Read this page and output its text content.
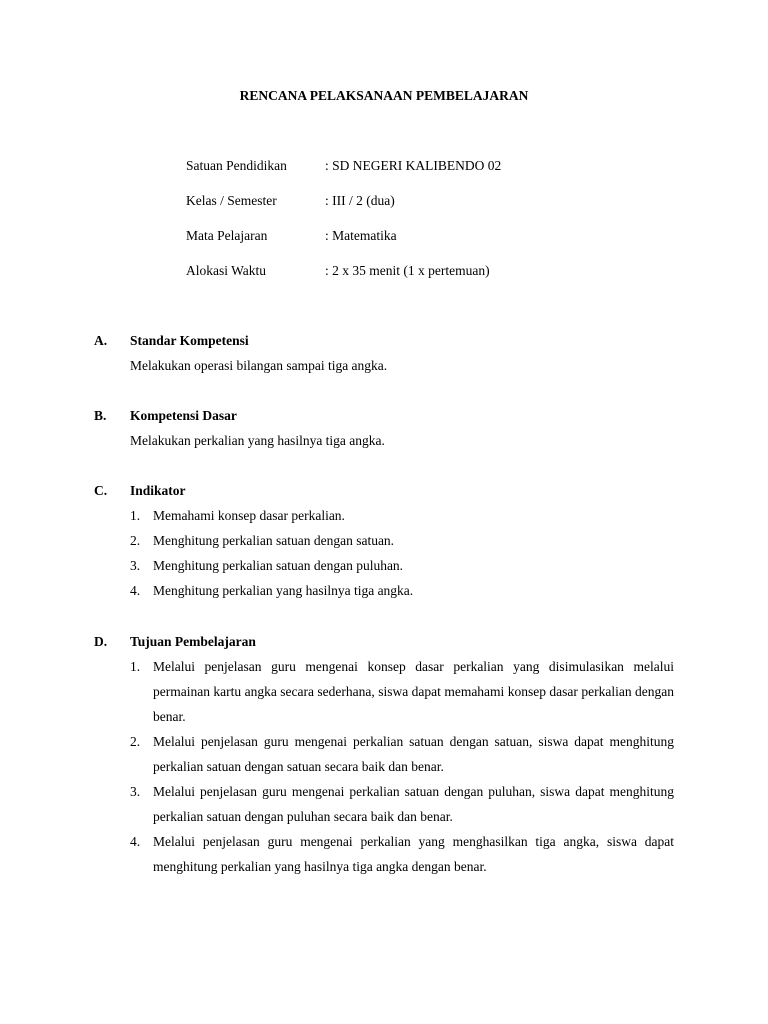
RENCANA PELAKSANAAN PEMBELAJARAN
Satuan Pendidikan	: SD NEGERI KALIBENDO 02
Kelas / Semester	: III / 2 (dua)
Mata Pelajaran	: Matematika
Alokasi Waktu	: 2 x 35 menit (1 x pertemuan)
A.	Standar Kompetensi
Melakukan operasi bilangan sampai tiga angka.
B.	Kompetensi Dasar
Melakukan perkalian yang hasilnya tiga angka.
C.	Indikator
1. Memahami konsep dasar perkalian.
2. Menghitung perkalian satuan dengan satuan.
3. Menghitung perkalian satuan dengan puluhan.
4. Menghitung perkalian yang hasilnya tiga angka.
D.	Tujuan Pembelajaran
1. Melalui penjelasan guru mengenai konsep dasar perkalian yang disimulasikan melalui permainan kartu angka secara sederhana, siswa dapat memahami konsep dasar perkalian dengan benar.
2. Melalui penjelasan guru mengenai perkalian satuan dengan satuan, siswa dapat menghitung perkalian satuan dengan satuan secara baik dan benar.
3. Melalui penjelasan guru mengenai perkalian satuan dengan puluhan, siswa dapat menghitung perkalian satuan dengan puluhan secara baik dan benar.
4. Melalui penjelasan guru mengenai perkalian yang menghasilkan tiga angka, siswa dapat menghitung perkalian yang hasilnya tiga angka dengan benar.
